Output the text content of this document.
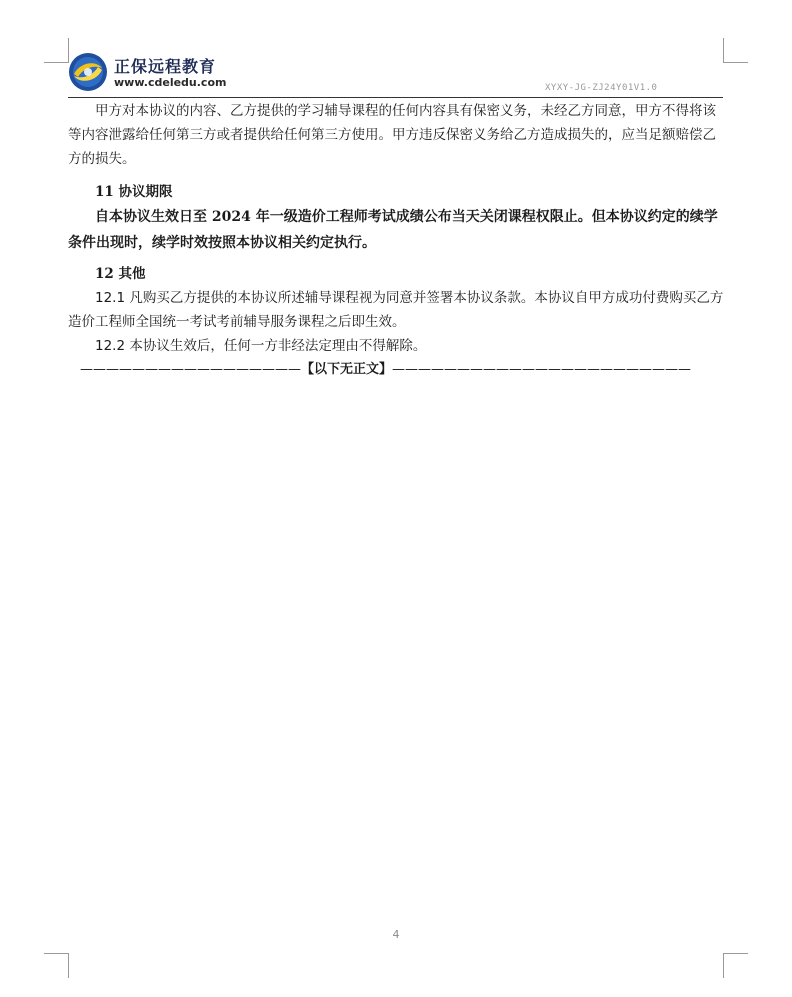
正保远程教育
www.cdeledu.com	XYXY-JG-ZJ24Y01V1.0

甲方对本协议的内容、乙方提供的学习辅导课程的任何内容具有保密义务，未经乙方同意，甲方不得将该等内容泄露给任何第三方或者提供给任何第三方使用。甲方违反保密义务给乙方造成损失的，应当足额赔偿乙方的损失。

11 协议期限

自本协议生效日至 2024 年一级造价工程师考试成绩公布当天关闭课程权限止。但本协议约定的续学条件出现时，续学时效按照本协议相关约定执行。

12 其他

12.1 凡购买乙方提供的本协议所述辅导课程视为同意并签署本协议条款。本协议自甲方成功付费购买乙方造价工程师全国统一考试考前辅导服务课程之后即生效。

12.2 本协议生效后，任何一方非经法定理由不得解除。

—————————————————【以下无正文】———————————————————————

4
